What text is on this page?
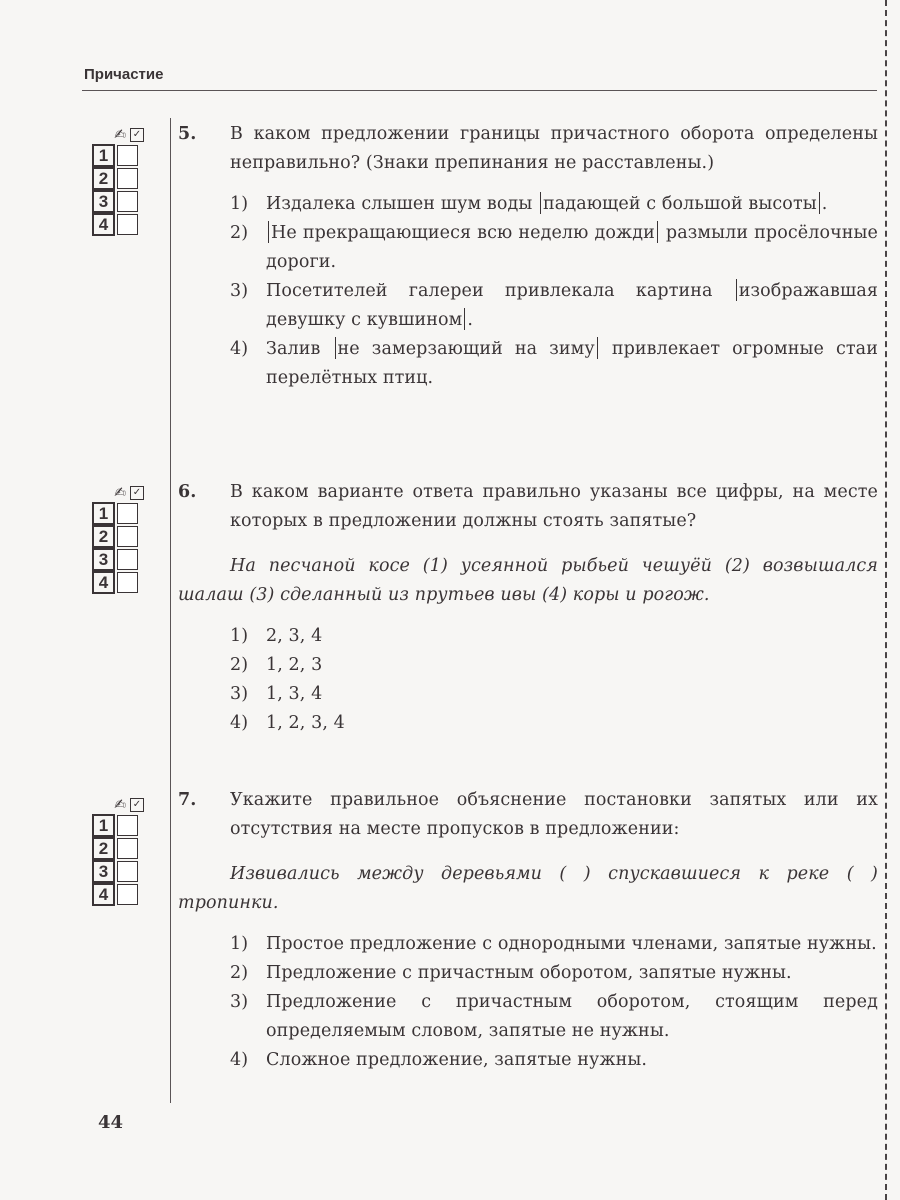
Причастие
✍ ✓
1
2
3
4
✍ ✓
1
2
3
4
✍ ✓
1
2
3
4
5. В каком предложении границы причастного оборота определены неправильно? (Знаки препинания не расставлены.)
1)	Издалека слышен шум воды падающей с большой высоты .
2)	Не прекращающиеся всю неделю дожди размыли просёлочные дороги.
3)	Посетителей галереи привлекала картина изображавшая девушку с кувшином .
4)	Залив не замерзающий на зиму привлекает огромные стаи перелётных птиц.
6. В каком варианте ответа правильно указаны все цифры, на месте которых в предложении должны стоять запятые?
На песчаной косе (1) усеянной рыбьей чешуёй (2) возвышался шалаш (3) сделанный из прутьев ивы (4) коры и рогож.
1)	2, 3, 4
2)	1, 2, 3
3)	1, 3, 4
4)	1, 2, 3, 4
7. Укажите правильное объяснение постановки запятых или их отсутствия на месте пропусков в предложении:
Извивались между деревьями ( ) спускавшиеся к реке ( ) тропинки.
1)	Простое предложение с однородными членами, запятые нужны.
2)	Предложение с причастным оборотом, запятые нужны.
3)	Предложение с причастным оборотом, стоящим перед определяемым словом, запятые не нужны.
4)	Сложное предложение, запятые нужны.
44
